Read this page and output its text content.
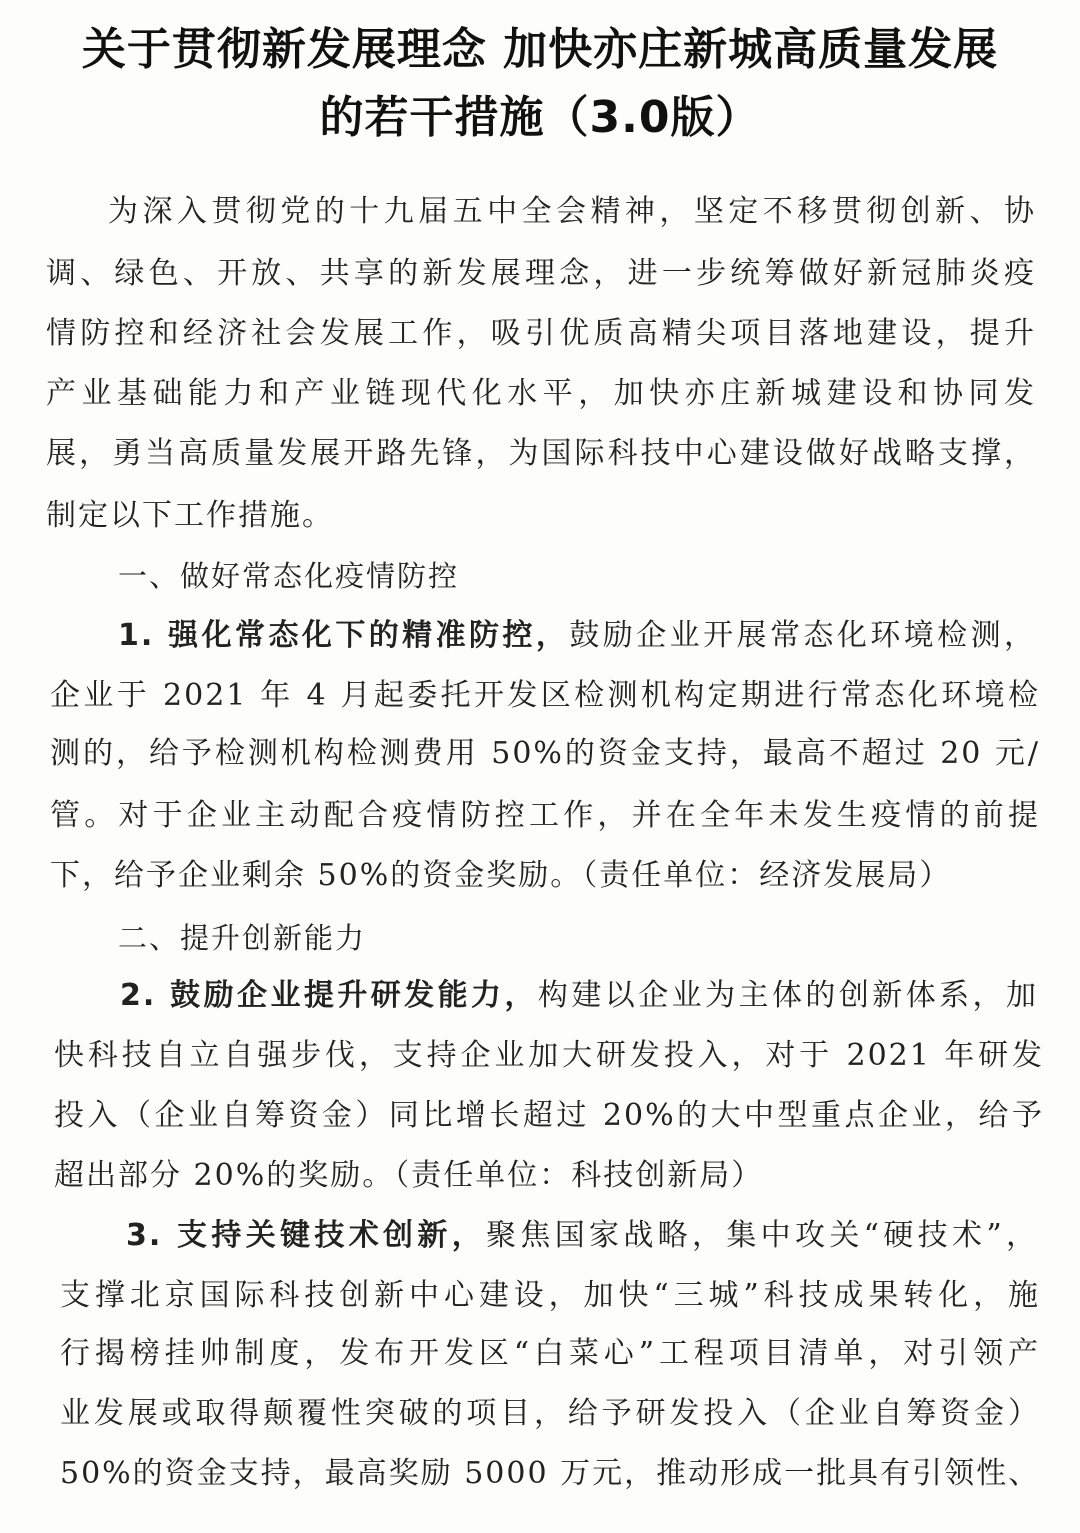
关于贯彻新发展理念 加快亦庄新城高质量发展
的若干措施（3.0版）
为深入贯彻党的十九届五中全会精神，坚定不移贯彻创新、协
调、绿色、开放、共享的新发展理念，进一步统筹做好新冠肺炎疫
情防控和经济社会发展工作，吸引优质高精尖项目落地建设，提升
产业基础能力和产业链现代化水平，加快亦庄新城建设和协同发
展，勇当高质量发展开路先锋，为国际科技中心建设做好战略支撑，
制定以下工作措施。
一、做好常态化疫情防控
1. 强化常态化下的精准防控，鼓励企业开展常态化环境检测，
企业于 2021 年 4 月起委托开发区检测机构定期进行常态化环境检
测的，给予检测机构检测费用 50%的资金支持，最高不超过 20 元/
管。对于企业主动配合疫情防控工作，并在全年未发生疫情的前提
下，给予企业剩余 50%的资金奖励。（责任单位：经济发展局）
二、提升创新能力
2. 鼓励企业提升研发能力，构建以企业为主体的创新体系，加
快科技自立自强步伐，支持企业加大研发投入，对于 2021 年研发
投入（企业自筹资金）同比增长超过 20%的大中型重点企业，给予
超出部分 20%的奖励。（责任单位：科技创新局）
3. 支持关键技术创新，聚焦国家战略，集中攻关“硬技术”，
支撑北京国际科技创新中心建设，加快“三城”科技成果转化，施
行揭榜挂帅制度，发布开发区“白菜心”工程项目清单，对引领产
业发展或取得颠覆性突破的项目，给予研发投入（企业自筹资金）
50%的资金支持，最高奖励 5000 万元，推动形成一批具有引领性、
